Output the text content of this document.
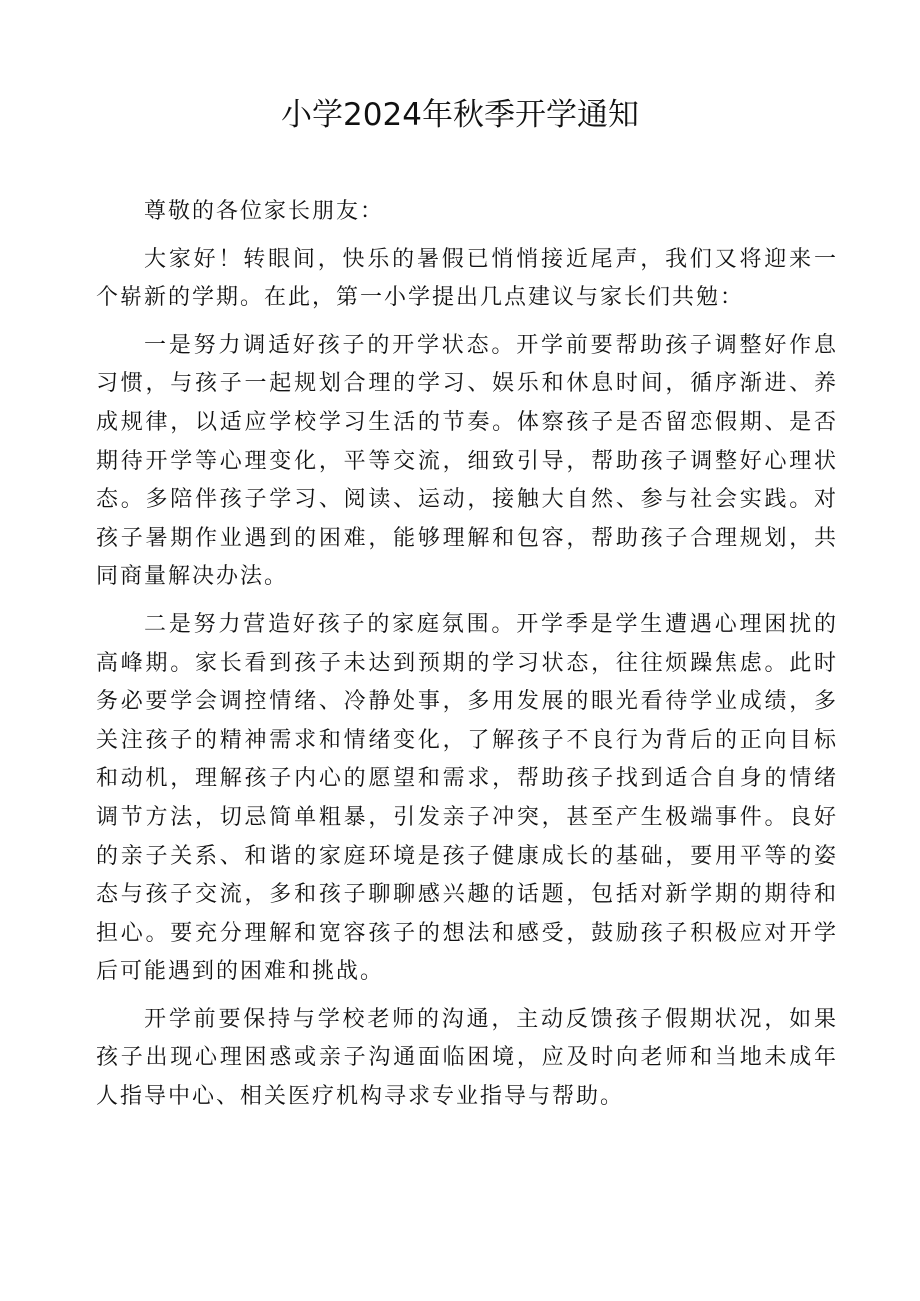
小学2024年秋季开学通知

尊敬的各位家长朋友：

大家好！转眼间，快乐的暑假已悄悄接近尾声，我们又将迎来一个崭新的学期。在此，第一小学提出几点建议与家长们共勉：

一是努力调适好孩子的开学状态。开学前要帮助孩子调整好作息习惯，与孩子一起规划合理的学习、娱乐和休息时间，循序渐进、养成规律，以适应学校学习生活的节奏。体察孩子是否留恋假期、是否期待开学等心理变化，平等交流，细致引导，帮助孩子调整好心理状态。多陪伴孩子学习、阅读、运动，接触大自然、参与社会实践。对孩子暑期作业遇到的困难，能够理解和包容，帮助孩子合理规划，共同商量解决办法。

二是努力营造好孩子的家庭氛围。开学季是学生遭遇心理困扰的高峰期。家长看到孩子未达到预期的学习状态，往往烦躁焦虑。此时务必要学会调控情绪、冷静处事，多用发展的眼光看待学业成绩，多关注孩子的精神需求和情绪变化，了解孩子不良行为背后的正向目标和动机，理解孩子内心的愿望和需求，帮助孩子找到适合自身的情绪调节方法，切忌简单粗暴，引发亲子冲突，甚至产生极端事件。良好的亲子关系、和谐的家庭环境是孩子健康成长的基础，要用平等的姿态与孩子交流，多和孩子聊聊感兴趣的话题，包括对新学期的期待和担心。要充分理解和宽容孩子的想法和感受，鼓励孩子积极应对开学后可能遇到的困难和挑战。

开学前要保持与学校老师的沟通，主动反馈孩子假期状况，如果孩子出现心理困惑或亲子沟通面临困境，应及时向老师和当地未成年人指导中心、相关医疗机构寻求专业指导与帮助。
